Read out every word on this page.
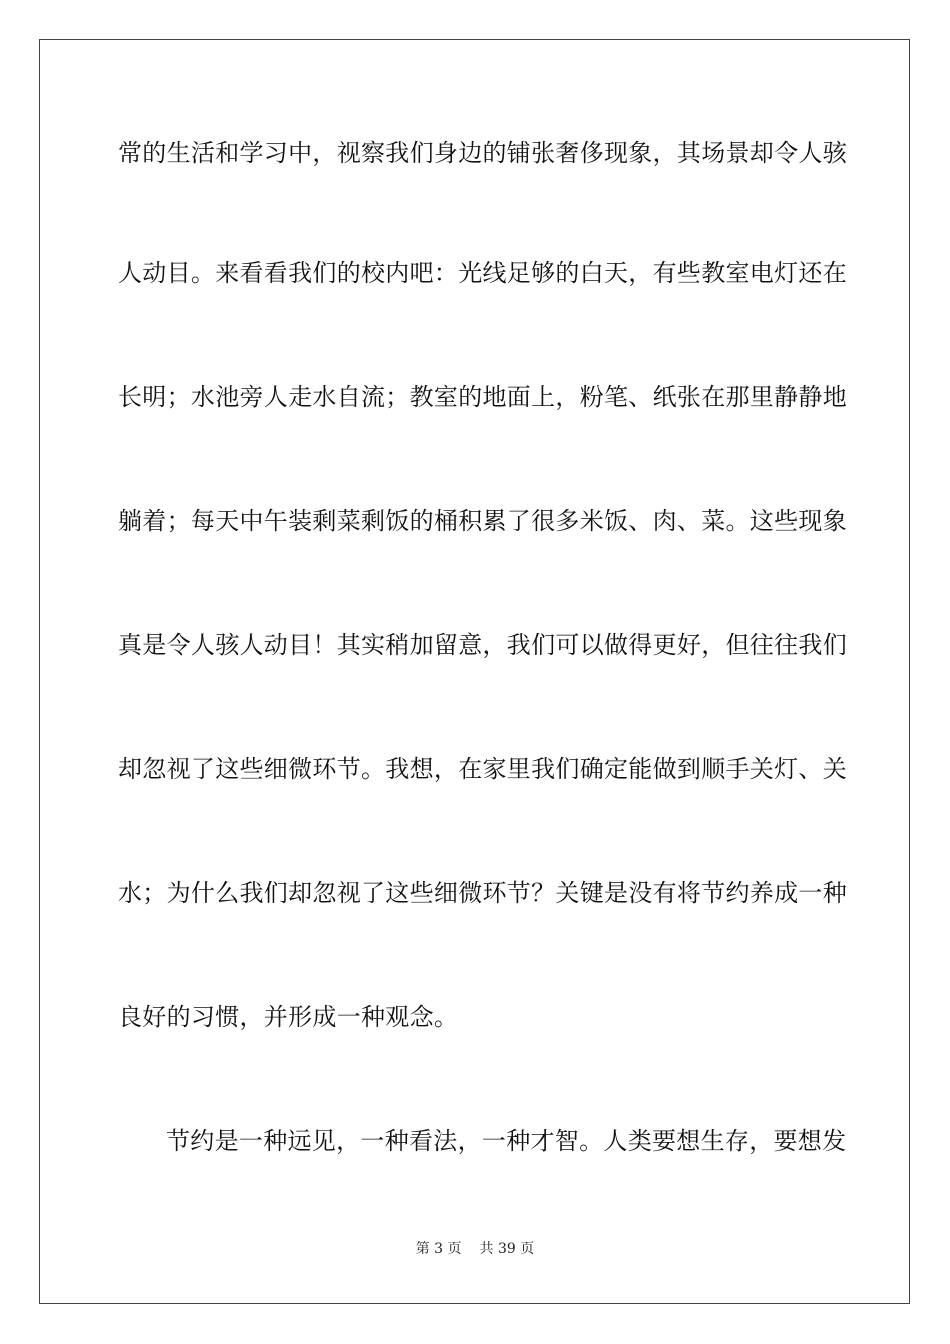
常的生活和学习中，视察我们身边的铺张奢侈现象，其场景却令人骇
人动目。来看看我们的校内吧：光线足够的白天，有些教室电灯还在
长明；水池旁人走水自流；教室的地面上，粉笔、纸张在那里静静地
躺着；每天中午装剩菜剩饭的桶积累了很多米饭、肉、菜。这些现象
真是令人骇人动目！其实稍加留意，我们可以做得更好，但往往我们
却忽视了这些细微环节。我想，在家里我们确定能做到顺手关灯、关
水；为什么我们却忽视了这些细微环节？关键是没有将节约养成一种
良好的习惯，并形成一种观念。
节约是一种远见，一种看法，一种才智。人类要想生存，要想发
第 3 页 共 39 页
